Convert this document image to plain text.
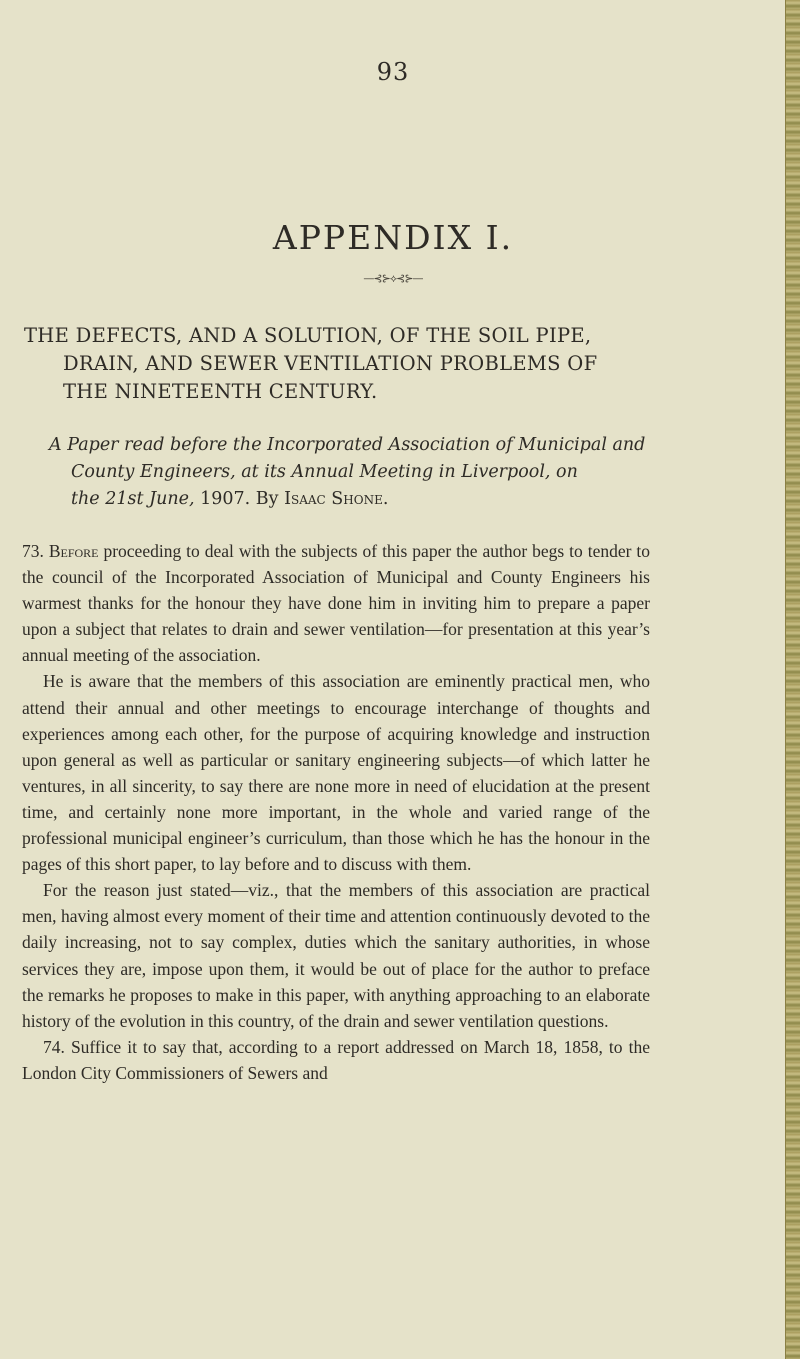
93
APPENDIX I.
—⊰⊱⟡⊰⊱—
THE DEFECTS, AND A SOLUTION, OF THE SOIL PIPE,
DRAIN, AND SEWER VENTILATION PROBLEMS OF
THE NINETEENTH CENTURY.
A Paper read before the Incorporated Association of Municipal and
County Engineers, at its Annual Meeting in Liverpool, on
the 21st June, 1907. By Isaac Shone.

73. Before proceeding to deal with the subjects of this paper the author begs to tender to the council of the Incorporated Association of Municipal and County Engineers his warmest thanks for the honour they have done him in inviting him to prepare a paper upon a subject that relates to drain and sewer ventilation—for presentation at this year’s annual meeting of the association.

He is aware that the members of this association are eminently practical men, who attend their annual and other meetings to encourage interchange of thoughts and experiences among each other, for the purpose of acquiring knowledge and instruction upon general as well as particular or sanitary engineering subjects—of which latter he ventures, in all sincerity, to say there are none more in need of elucidation at the present time, and certainly none more important, in the whole and varied range of the professional municipal engineer’s curriculum, than those which he has the honour in the pages of this short paper, to lay before and to discuss with them.

For the reason just stated—viz., that the members of this association are practical men, having almost every moment of their time and attention continuously devoted to the daily increasing, not to say complex, duties which the sanitary authorities, in whose services they are, impose upon them, it would be out of place for the author to preface the remarks he proposes to make in this paper, with anything approaching to an elaborate history of the evolution in this country, of the drain and sewer ventilation questions.

74. Suffice it to say that, according to a report addressed on March 18, 1858, to the London City Commissioners of Sewers and
